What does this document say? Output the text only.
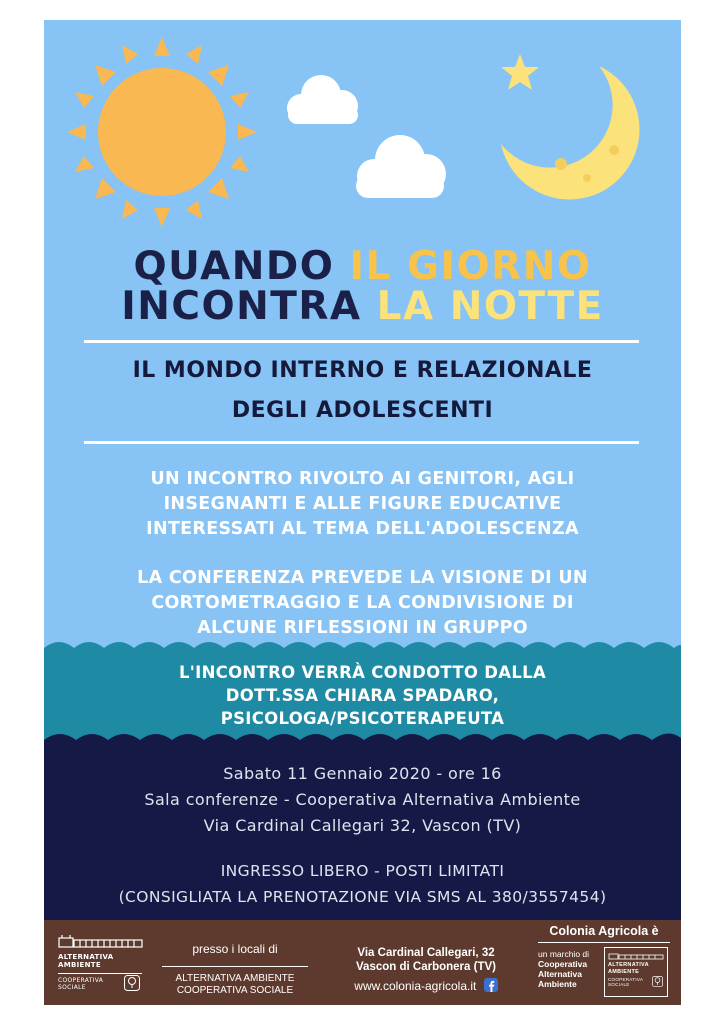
QUANDO IL GIORNO
INCONTRA LA NOTTE
IL MONDO INTERNO E RELAZIONALE
DEGLI ADOLESCENTI
UN INCONTRO RIVOLTO AI GENITORI, AGLI
INSEGNANTI E ALLE FIGURE EDUCATIVE
INTERESSATI AL TEMA DELL'ADOLESCENZA
LA CONFERENZA PREVEDE LA VISIONE DI UN
CORTOMETRAGGIO E LA CONDIVISIONE DI
ALCUNE RIFLESSIONI IN GRUPPO
L'INCONTRO VERRÀ CONDOTTO DALLA
DOTT.SSA CHIARA SPADARO,
PSICOLOGA/PSICOTERAPEUTA
Sabato 11 Gennaio 2020 - ore 16
Sala conferenze - Cooperativa Alternativa Ambiente
Via Cardinal Callegari 32, Vascon (TV)
INGRESSO LIBERO - POSTI LIMITATI
(CONSIGLIATA LA PRENOTAZIONE VIA SMS AL 380/3557454)
ALTERNATIVA
AMBIENTE
COOPERATIVA
SOCIALE
presso i locali di
ALTERNATIVA AMBIENTE
COOPERATIVA SOCIALE
Via Cardinal Callegari, 32
Vascon di Carbonera (TV)
www.colonia-agricola.it
Colonia Agricola è
un marchio di
Cooperativa
Alternativa
Ambiente
ALTERNATIVA
AMBIENTE
COOPERATIVA
SOCIALE
